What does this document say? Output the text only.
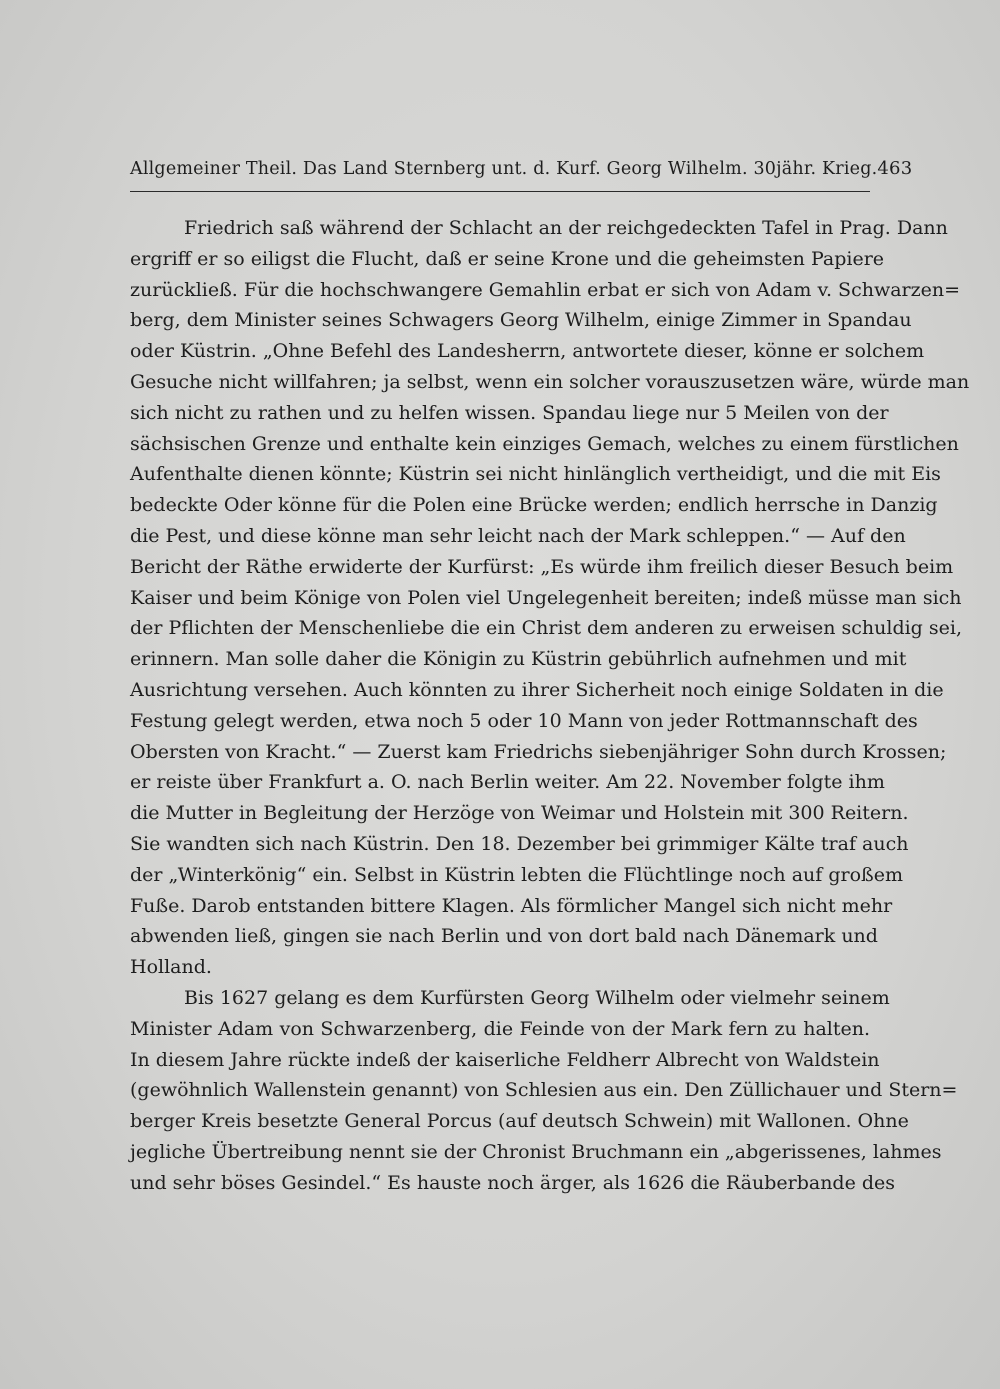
Allgemeiner Theil. Das Land Sternberg unt. d. Kurf. Georg Wilhelm. 30jähr. Krieg. 463
Friedrich saß während der Schlacht an der reichgedeckten Tafel in Prag. Dann
ergriff er so eiligst die Flucht, daß er seine Krone und die geheimsten Papiere
zurückließ. Für die hochschwangere Gemahlin erbat er sich von Adam v. Schwarzen=
berg, dem Minister seines Schwagers Georg Wilhelm, einige Zimmer in Spandau
oder Küstrin. „Ohne Befehl des Landesherrn, antwortete dieser, könne er solchem
Gesuche nicht willfahren; ja selbst, wenn ein solcher vorauszusetzen wäre, würde man
sich nicht zu rathen und zu helfen wissen. Spandau liege nur 5 Meilen von der
sächsischen Grenze und enthalte kein einziges Gemach, welches zu einem fürstlichen
Aufenthalte dienen könnte; Küstrin sei nicht hinlänglich vertheidigt, und die mit Eis
bedeckte Oder könne für die Polen eine Brücke werden; endlich herrsche in Danzig
die Pest, und diese könne man sehr leicht nach der Mark schleppen.“ — Auf den
Bericht der Räthe erwiderte der Kurfürst: „Es würde ihm freilich dieser Besuch beim
Kaiser und beim Könige von Polen viel Ungelegenheit bereiten; indeß müsse man sich
der Pflichten der Menschenliebe die ein Christ dem anderen zu erweisen schuldig sei,
erinnern. Man solle daher die Königin zu Küstrin gebührlich aufnehmen und mit
Ausrichtung versehen. Auch könnten zu ihrer Sicherheit noch einige Soldaten in die
Festung gelegt werden, etwa noch 5 oder 10 Mann von jeder Rottmannschaft des
Obersten von Kracht.“ — Zuerst kam Friedrichs siebenjähriger Sohn durch Krossen;
er reiste über Frankfurt a. O. nach Berlin weiter. Am 22. November folgte ihm
die Mutter in Begleitung der Herzöge von Weimar und Holstein mit 300 Reitern.
Sie wandten sich nach Küstrin. Den 18. Dezember bei grimmiger Kälte traf auch
der „Winterkönig“ ein. Selbst in Küstrin lebten die Flüchtlinge noch auf großem
Fuße. Darob entstanden bittere Klagen. Als förmlicher Mangel sich nicht mehr
abwenden ließ, gingen sie nach Berlin und von dort bald nach Dänemark und
Holland.
Bis 1627 gelang es dem Kurfürsten Georg Wilhelm oder vielmehr seinem
Minister Adam von Schwarzenberg, die Feinde von der Mark fern zu halten.
In diesem Jahre rückte indeß der kaiserliche Feldherr Albrecht von Waldstein
(gewöhnlich Wallenstein genannt) von Schlesien aus ein. Den Züllichauer und Stern=
berger Kreis besetzte General Porcus (auf deutsch Schwein) mit Wallonen. Ohne
jegliche Übertreibung nennt sie der Chronist Bruchmann ein „abgerissenes, lahmes
und sehr böses Gesindel.“ Es hauste noch ärger, als 1626 die Räuberbande des
